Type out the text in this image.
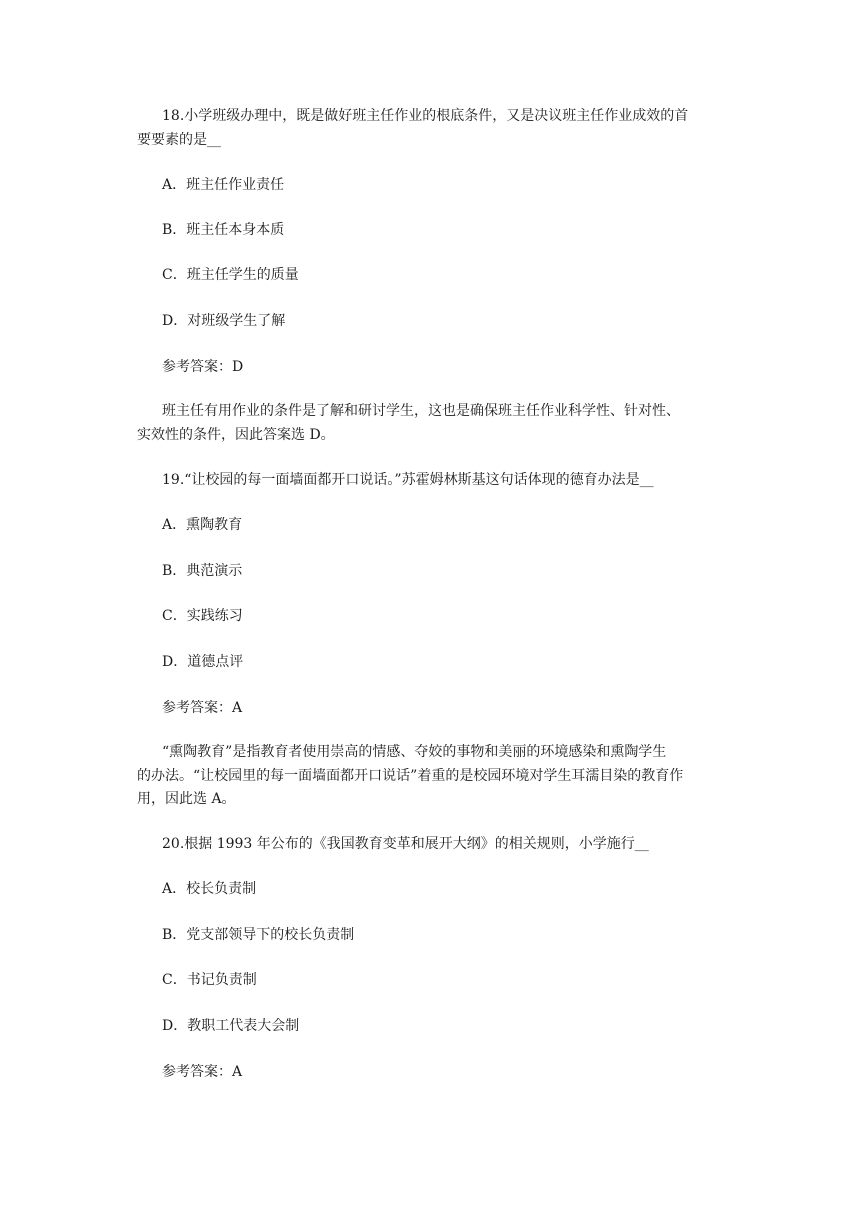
18.小学班级办理中，既是做好班主任作业的根底条件，又是决议班主任作业成效的首
要要素的是__
A．班主任作业责任
B．班主任本身本质
C．班主任学生的质量
D．对班级学生了解
参考答案：D
班主任有用作业的条件是了解和研讨学生，这也是确保班主任作业科学性、针对性、
实效性的条件，因此答案选 D。
19.“让校园的每一面墙面都开口说话。”苏霍姆林斯基这句话体现的德育办法是__
A．熏陶教育
B．典范演示
C．实践练习
D．道德点评
参考答案：A
“熏陶教育”是指教育者使用崇高的情感、夺姣的事物和美丽的环境感染和熏陶学生
的办法。“让校园里的每一面墙面都开口说话”着重的是校园环境对学生耳濡目染的教育作
用，因此选 A。
20.根据 1993 年公布的《我国教育变革和展开大纲》的相关规则，小学施行__
A．校长负责制
B．党支部领导下的校长负责制
C．书记负责制
D．教职工代表大会制
参考答案：A
